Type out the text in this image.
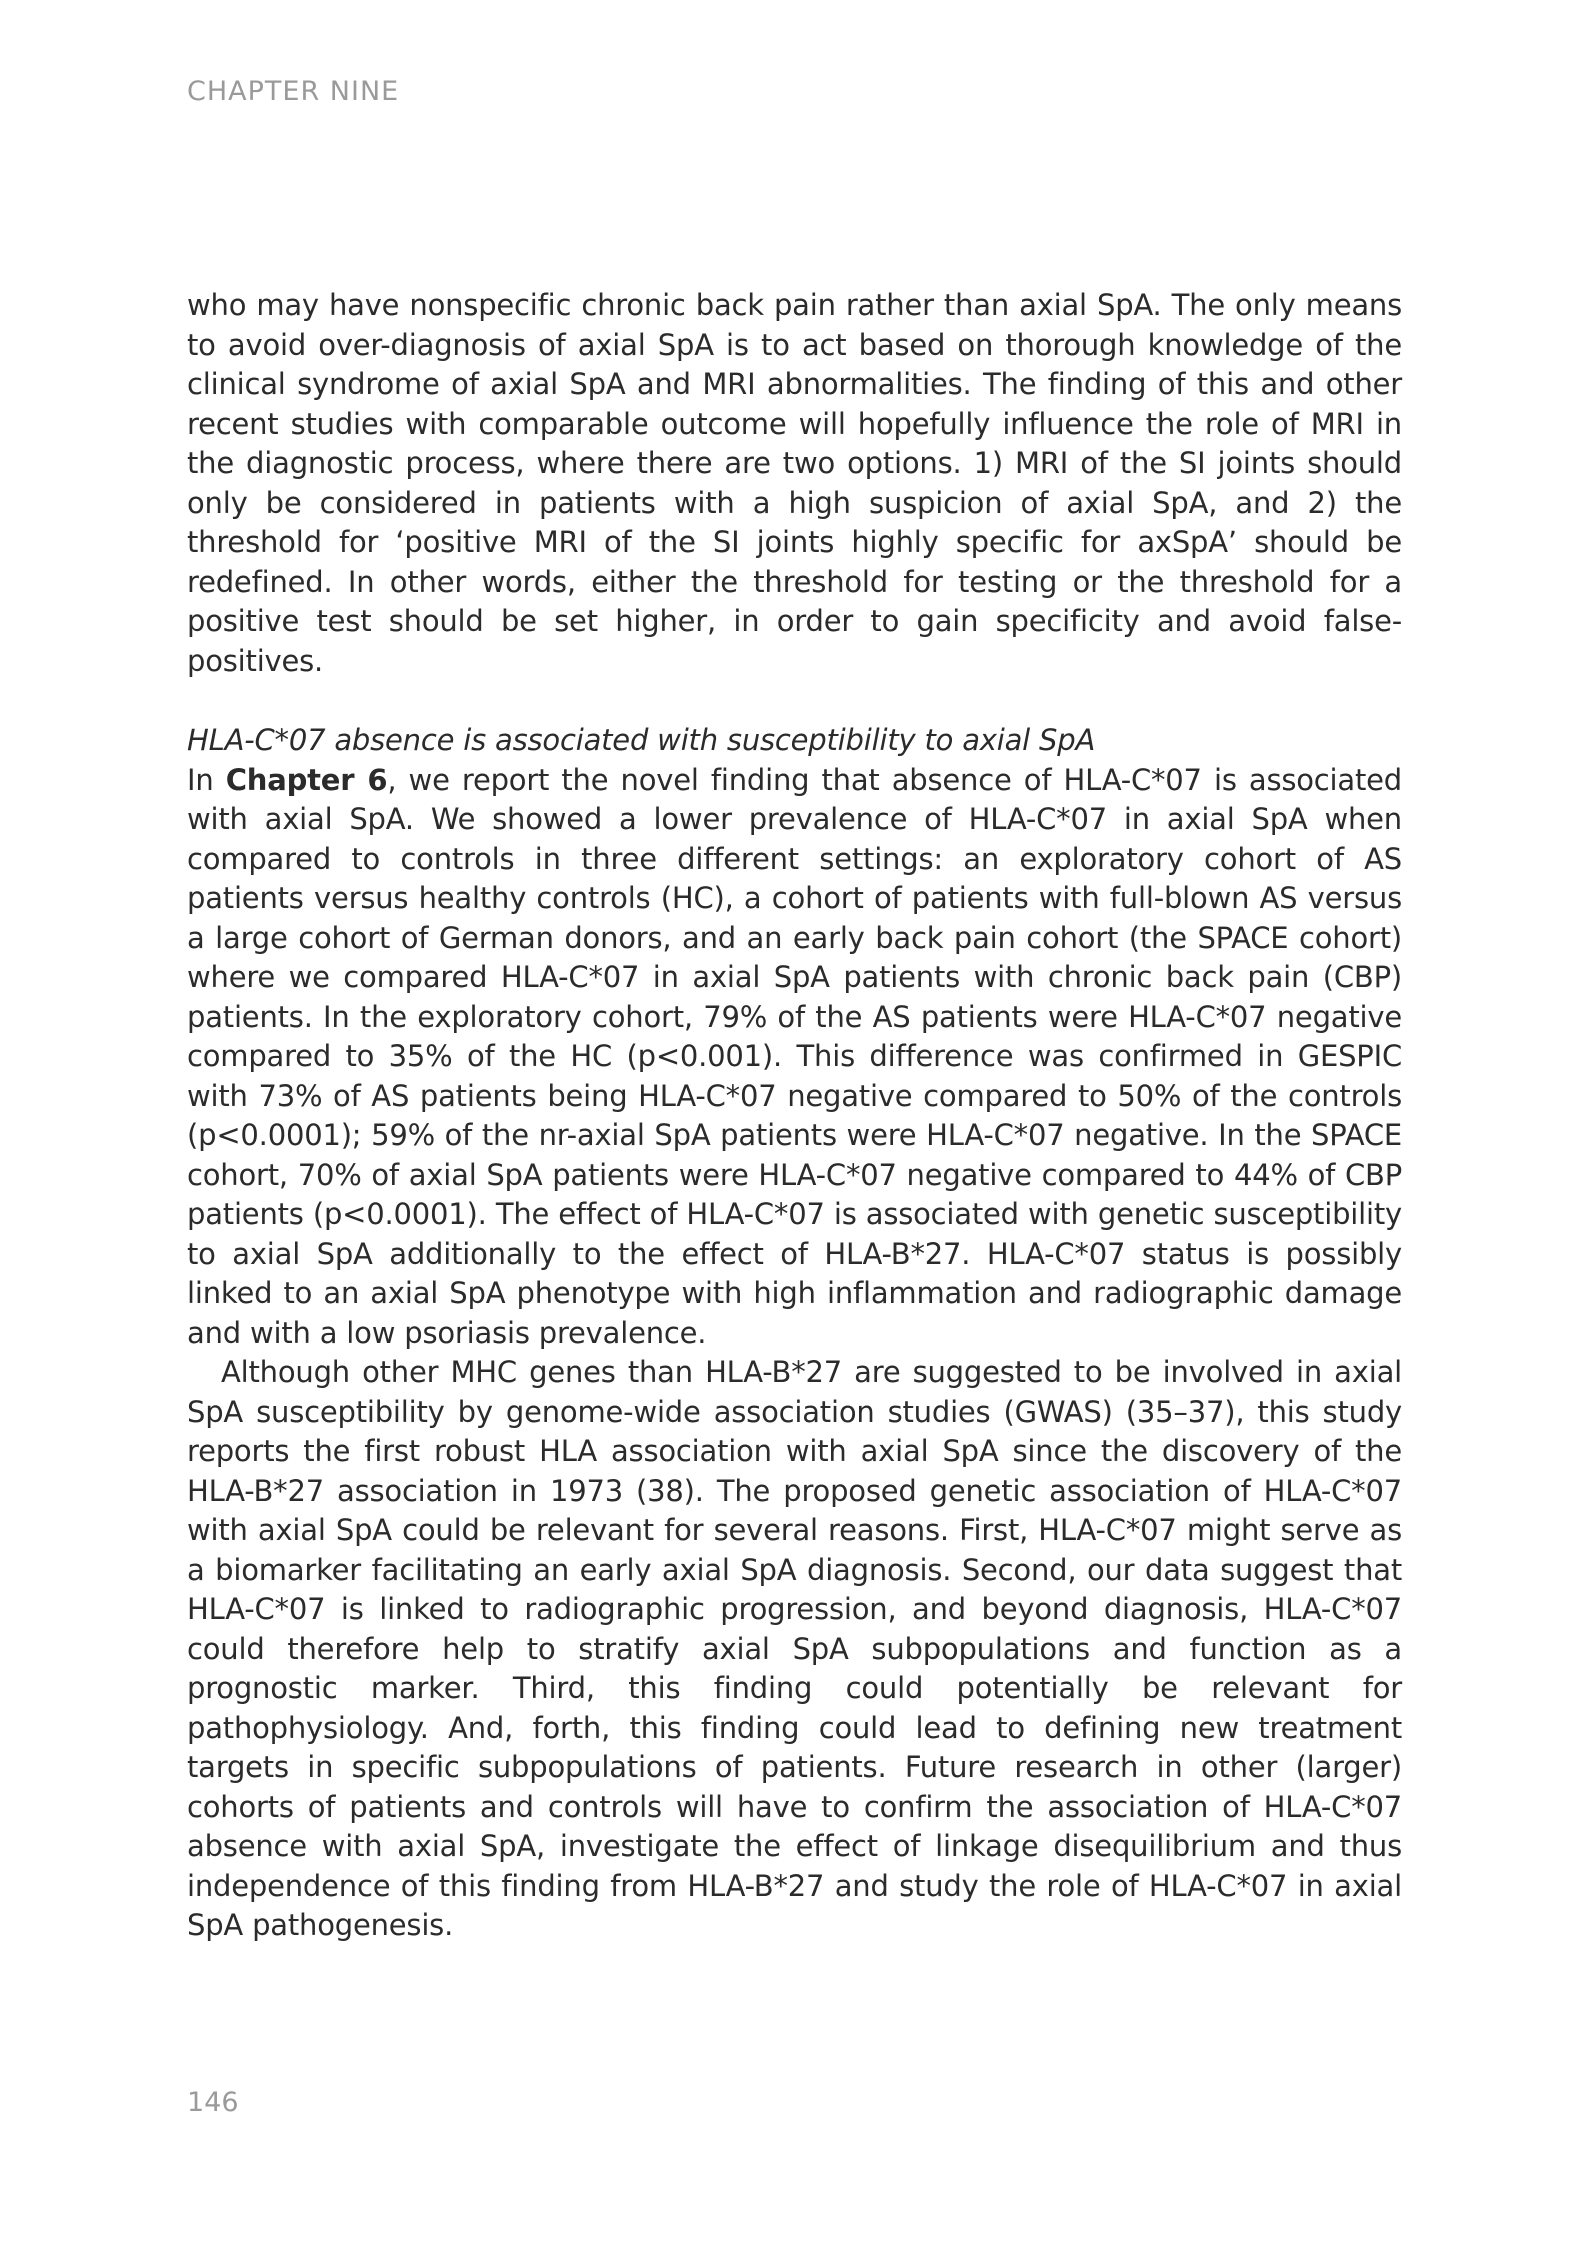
CHAPTER NINE

who may have nonspecific chronic back pain rather than axial SpA. The only means to avoid over-diagnosis of axial SpA is to act based on thorough knowledge of the clinical syndrome of axial SpA and MRI abnormalities. The finding of this and other recent studies with comparable outcome will hopefully influence the role of MRI in the diagnostic process, where there are two options. 1) MRI of the SI joints should only be considered in patients with a high suspicion of axial SpA, and 2) the threshold for ‘positive MRI of the SI joints highly specific for axSpA’ should be redefined. In other words, either the threshold for testing or the threshold for a positive test should be set higher, in order to gain specificity and avoid false-positives.

HLA-C*07 absence is associated with susceptibility to axial SpA

In Chapter 6, we report the novel finding that absence of HLA-C*07 is associated with axial SpA. We showed a lower prevalence of HLA-C*07 in axial SpA when compared to controls in three different settings: an exploratory cohort of AS patients versus healthy controls (HC), a cohort of patients with full-blown AS versus a large cohort of German donors, and an early back pain cohort (the SPACE cohort) where we compared HLA-C*07 in axial SpA patients with chronic back pain (CBP) patients. In the exploratory cohort, 79% of the AS patients were HLA-C*07 negative compared to 35% of the HC (p<0.001). This difference was confirmed in GESPIC with 73% of AS patients being HLA-C*07 negative compared to 50% of the controls (p<0.0001); 59% of the nr-axial SpA patients were HLA-C*07 negative. In the SPACE cohort, 70% of axial SpA patients were HLA-C*07 negative compared to 44% of CBP patients (p<0.0001). The effect of HLA-C*07 is associated with genetic susceptibility to axial SpA additionally to the effect of HLA-B*27. HLA-C*07 status is possibly linked to an axial SpA phenotype with high inflammation and radiographic damage and with a low psoriasis prevalence.

Although other MHC genes than HLA-B*27 are suggested to be involved in axial SpA susceptibility by genome-wide association studies (GWAS) (35–37), this study reports the first robust HLA association with axial SpA since the discovery of the HLA-B*27 association in 1973 (38). The proposed genetic association of HLA-C*07 with axial SpA could be relevant for several reasons. First, HLA-C*07 might serve as a biomarker facilitating an early axial SpA diagnosis. Second, our data suggest that HLA-C*07 is linked to radiographic progression, and beyond diagnosis, HLA-C*07 could therefore help to stratify axial SpA subpopulations and function as a prognostic marker. Third, this finding could potentially be relevant for pathophysiology. And, forth, this finding could lead to defining new treatment targets in specific subpopulations of patients. Future research in other (larger) cohorts of patients and controls will have to confirm the association of HLA-C*07 absence with axial SpA, investigate the effect of linkage disequilibrium and thus independence of this finding from HLA-B*27 and study the role of HLA-C*07 in axial SpA pathogenesis.

146
